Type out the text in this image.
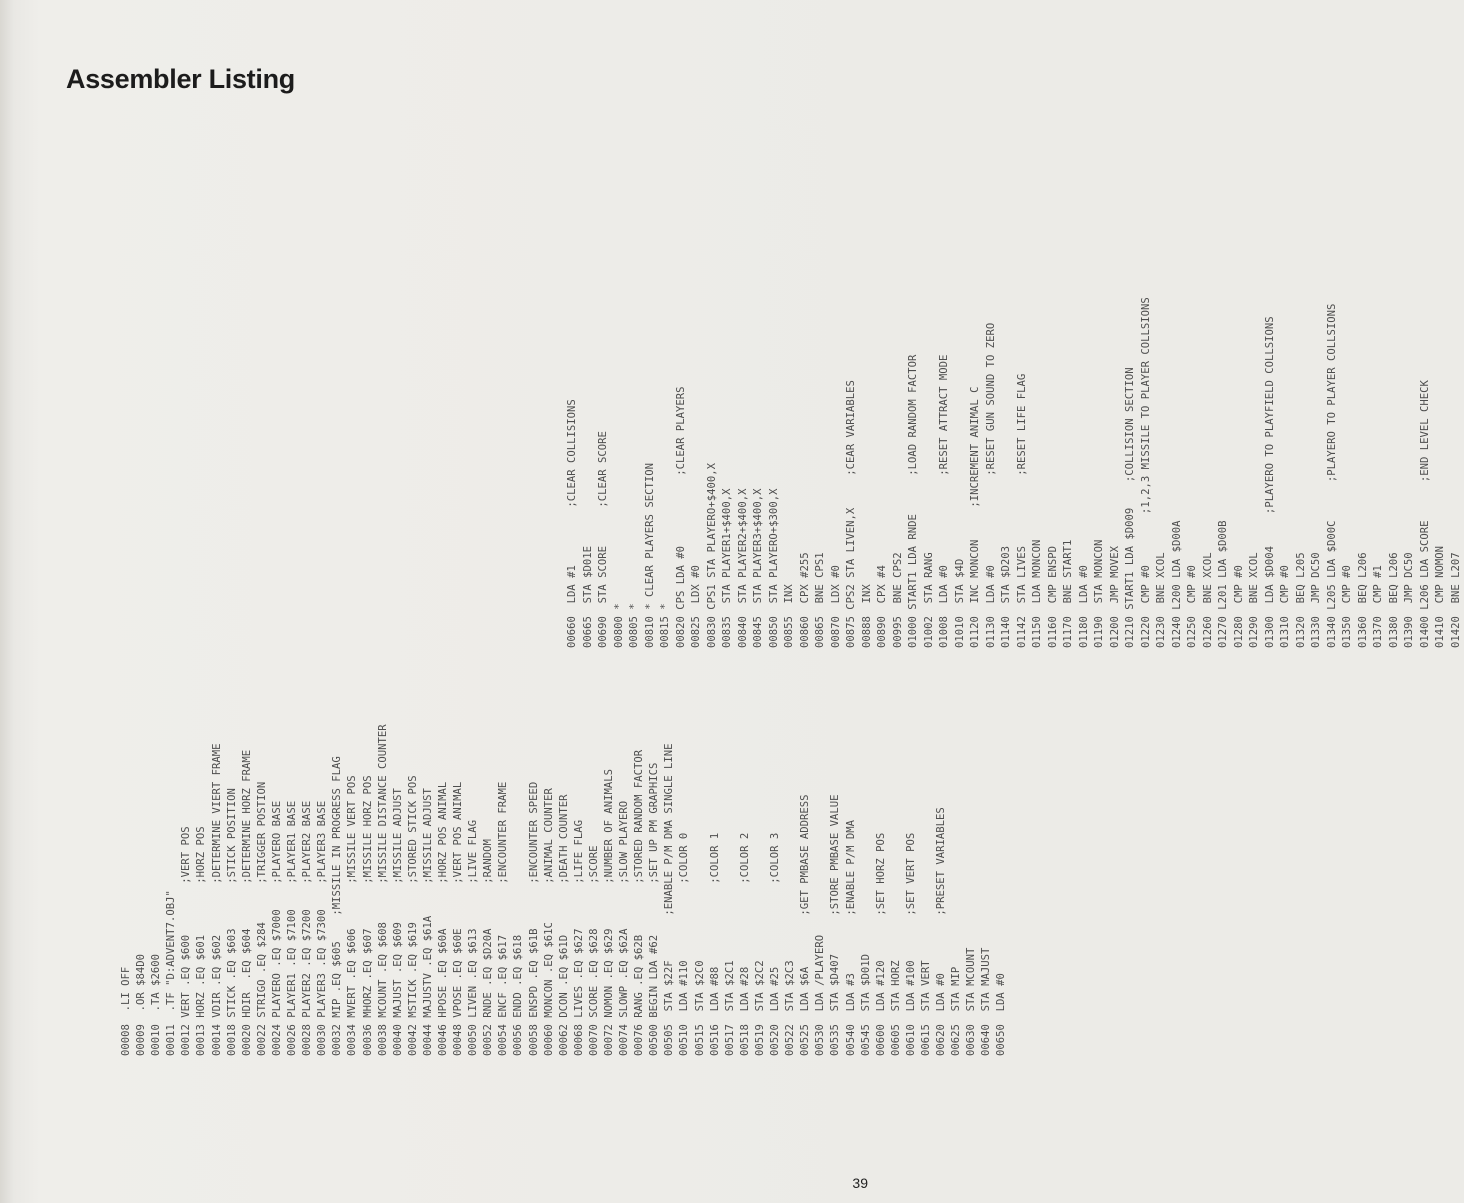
Assembler Listing
00008  .LI OFF 00009  .OR $84D0 00010  .TA $2600 00011  .TF "D:ADVENT7.OBJ" 00012 VERT .EQ $600        ;VERT POS 00013 HORZ .EQ $601        ;HORZ POS 00014 VDIR .EQ $602        ;DETERMINE VIERT FRAME 00018 STICK .EQ $603       ;STICK POSITION 00020 HDIR  .EQ $604       ;DETERMINE HORZ FRAME 00022 STRIGO .EQ $284      ;TRIGGER POSTION 00024 PLAYERO .EQ $7000    ;PLAYERO BASE 00026 PLAYER1 .EQ $7100    ;PLAYER1 BASE 00028 PLAYER2 .EQ $7200    ;PLAYER2 BASE 00030 PLAYER3 .EQ $7300    ;PLAYER3 BASE 00032 MIP .EQ $605    ;MISSILE IN PROGRESS FLAG 00034 MVERT .EQ $606       ;MISSILE VERT POS 00036 MHORZ .EQ $607       ;MISSILE HORZ POS 00038 MCOUNT .EQ $608      ;MISSILE DISTANCE COUNTER 00040 MAJUST .EQ $609      ;MISSILE ADJUST 00042 MSTICK .EQ $619      ;STORED STICK POS 00044 MAJUSTV .EQ $61A     ;MISSILE ADJUST 00046 HPOSE .EQ $60A       ;HORZ POS ANIMAL 00048 VPOSE .EQ $60E       ;VERT POS ANIMAL 00050 LIVEN .EQ $613       ;LIVE FLAG 00052 RNDE .EQ $D20A       ;RANDOM 00054 ENCF .EQ $617        ;ENCOUNTER FRAME 00056 ENDD .EQ $618 00058 ENSPD .EQ $61B       ;ENCOUNTER SPEED 00060 MONCON .EQ $61C      ;ANIMAL COUNTER 00062 DCON .EQ $61D        ;DEATH COUNTER 00068 LIVES .EQ $627       ;LIFE FLAG 00070 SCORE .EQ $628       ;SCORE 00072 NOMON .EQ $629       ;NUMBER OF ANIMALS 00074 SLOWP .EQ $62A       ;SLOW PLAYERO 00076 RANG .EQ $62B        ;STORED RANDOM FACTOR 00500 BEGIN LDA #62        ;SET UP PM GRAPHICS 00505  STA $22F       ;ENABLE P/M DMA SINGLE LINE 00510  LDA #110            ;COLOR 0 00515  STA $2C0 00516  LDA #88             ;COLOR 1 00517  STA $2C1 00518  LDA #28             ;COLOR 2 00519  STA $2C2 00520  LDA #25             ;COLOR 3 00522  STA $2C3 00525  LDA $6A        ;GET PMBASE ADDRESS 00530  LDA /PLAYERO 00535  STA $D407      ;STORE PMBASE VALUE 00540  LDA #3         ;ENABLE P/M DMA 00545  STA $D01D 00600  LDA #120       ;SET HORZ POS 00605  STA HORZ 00610  LDA #100       ;SET VERT POS 00615  STA VERT 00620  LDA #0         ;PRESET VARIABLES 00625  STA MIP 00630  STA MCOUNT 00640  STA MAJUST 00650  LDA #0
00660  LDA #1         ;CLEAR COLLISIONS 00665  STA $D01E 00690  STA SCORE      ;CLEAR SCORE 00800 * 00805 * 00810 * CLEAR PLAYERS SECTION 00815 * 00820 CPS LDA #0           ;CLEAR PLAYERS 00825  LDX #0 00830 CPS1 STA PLAYERO+$400,X 00835  STA PLAYER1+$400,X 00840  STA PLAYER2+$400,X 00845  STA PLAYER3+$400,X 00850  STA PLAYERO+$300,X 00855  INX 00860  CPX #255 00865  BNE CPS1 00870  LDX #0 00875 CPS2 STA LIVEN,X     ;CEAR VARIABLES 00888  INX 00890  CPX #4 00995  BNE CPS2 01000 START1 LDA RNDE      ;LOAD RANDOM FACTOR 01002  STA RANG 01008  LDA #0              ;RESET ATTRACT MODE 01010  STA $4D 01120  INC MONCON     ;INCREMENT ANIMAL C 01130  LDA #0              ;RESET GUN SOUND TO ZERO 01140  STA $D203 01142  STA LIVES           ;RESET LIFE FLAG 01150  LDA MONCON 01160  CMP ENSPD 01170  BNE START1 01180  LDA #0 01190  STA MONCON 01200  JMP MOVEX 01210 START1 LDA $D009    ;COLLISION SECTION 01220  CMP #0        ;1,2,3 MISSILE TO PLAYER COLLSIONS 01230  BNE XCOL 01240 L200 LDA $D00A 01250  CMP #0 01260  BNE XCOL 01270 L201 LDA $D00B 01280  CMP #0 01290  BNE XCOL 01300  LDA $D004     ;PLAYERO TO PLAYFIELD COLLSIONS 01310  CMP #0 01320  BEQ L205 01330  JMP DC50 01340 L205 LDA $D00C      ;PLAYERO TO PLAYER COLLSIONS 01350  CMP #0 01360  BEQ L206 01370  CMP #1 01380  BEQ L206 01390  JMP DC50 01400 L206 LDA SCORE      ;END LEVEL CHECK 01410  CMP NOMON 01420  BNE L207
39
